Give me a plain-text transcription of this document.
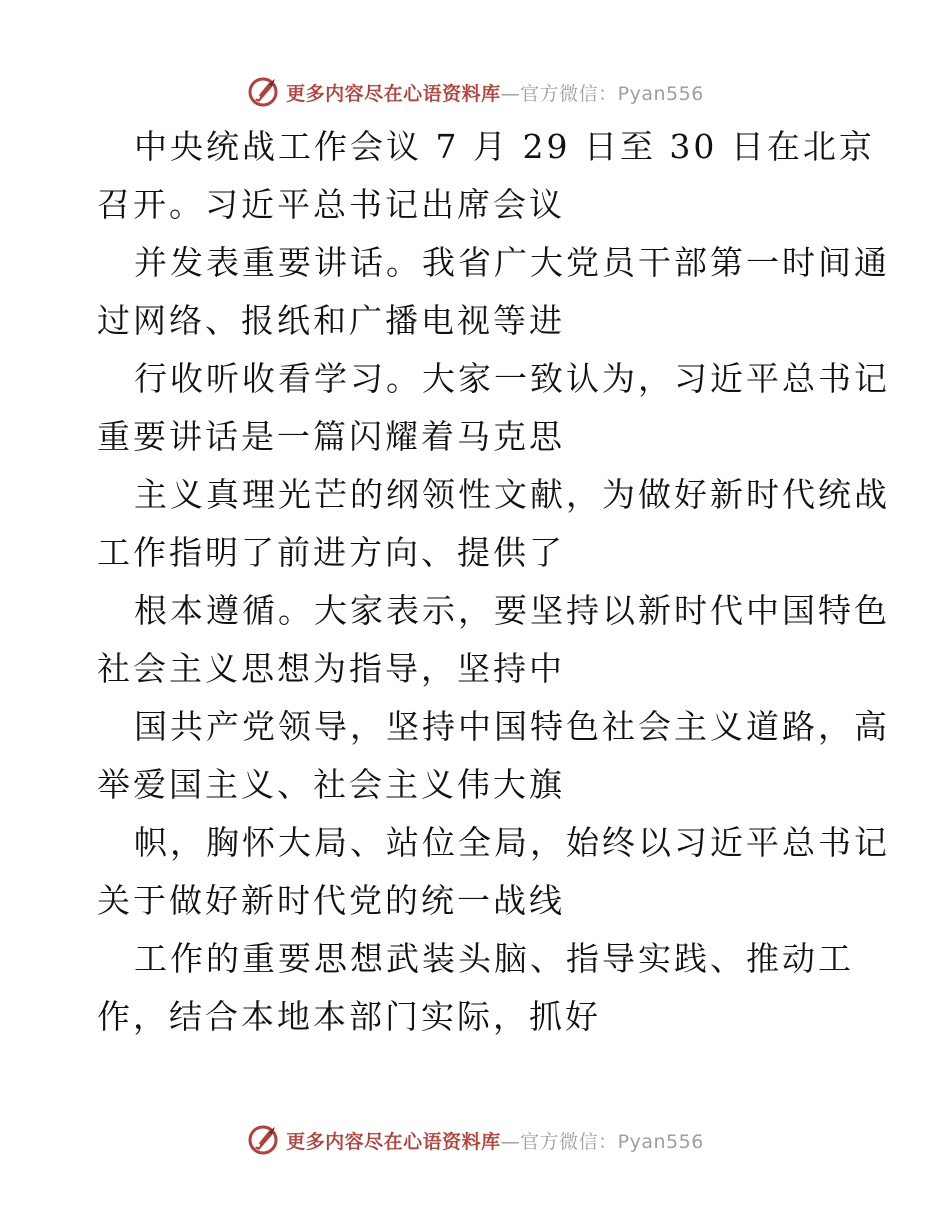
更多内容尽在心语资料库—官方微信：Pyan556
中央统战工作会议 7 月 29 日至 30 日在北京
召开。习近平总书记出席会议
并发表重要讲话。我省广大党员干部第一时间通
过网络、报纸和广播电视等进
行收听收看学习。大家一致认为，习近平总书记
重要讲话是一篇闪耀着马克思
主义真理光芒的纲领性文献，为做好新时代统战
工作指明了前进方向、提供了
根本遵循。大家表示，要坚持以新时代中国特色
社会主义思想为指导，坚持中
国共产党领导，坚持中国特色社会主义道路，高
举爱国主义、社会主义伟大旗
帜，胸怀大局、站位全局，始终以习近平总书记
关于做好新时代党的统一战线
工作的重要思想武装头脑、指导实践、推动工
作，结合本地本部门实际，抓好
更多内容尽在心语资料库—官方微信：Pyan556
